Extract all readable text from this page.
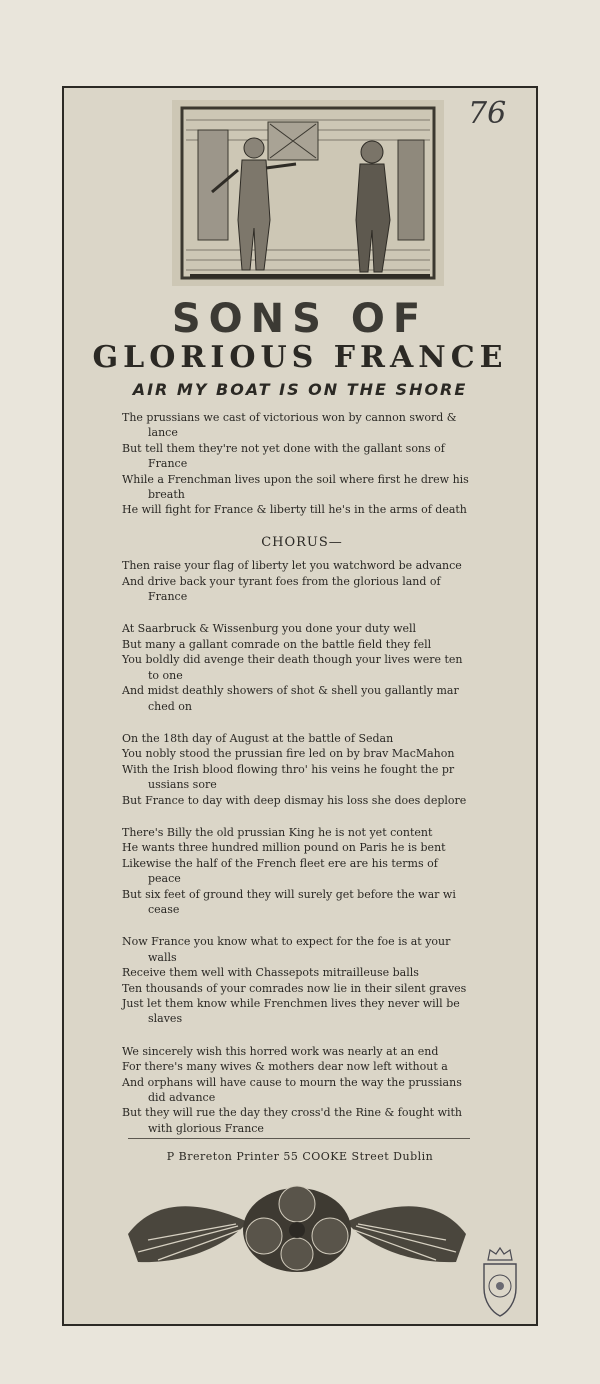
76
SONS OF
GLORIOUS FRANCE
AIR MY BOAT IS ON THE SHORE
The prussians we cast of victorious won by cannon sword &
lance
But tell them they're not yet done with the gallant sons of
France
While a Frenchman lives upon the soil where first he drew his
breath
He will fight for France & liberty till he's in the arms of death
CHORUS—
Then raise your flag of liberty let you watchword be advance
And drive back your tyrant foes from the glorious land of
France
At Saarbruck & Wissenburg you done your duty well
But many a gallant comrade on the battle field they fell
You boldly did avenge their death though your lives were ten
to one
And midst deathly showers of shot & shell you gallantly mar
ched on
On the 18th day of August at the battle of Sedan
You nobly stood the prussian fire led on by brav MacMahon
With the Irish blood flowing thro' his veins he fought the pr
ussians sore
But France to day with deep dismay his loss she does deplore
There's Billy the old prussian King he is not yet content
He wants three hundred million pound on Paris he is bent
Likewise the half of the French fleet ere are his terms of
peace
But six feet of ground they will surely get before the war wi
cease
Now France you know what to expect for the foe is at your
walls
Receive them well with Chassepots mitrailleuse balls
Ten thousands of your comrades now lie in their silent graves
Just let them know while Frenchmen lives they never will be
slaves
We sincerely wish this horred work was nearly at an end
For there's many wives & mothers dear now left without a
And orphans will have cause to mourn the way the prussians
did advance
But they will rue the day they cross'd the Rine & fought with
with glorious France
P Brereton Printer 55 COOKE Street Dublin
